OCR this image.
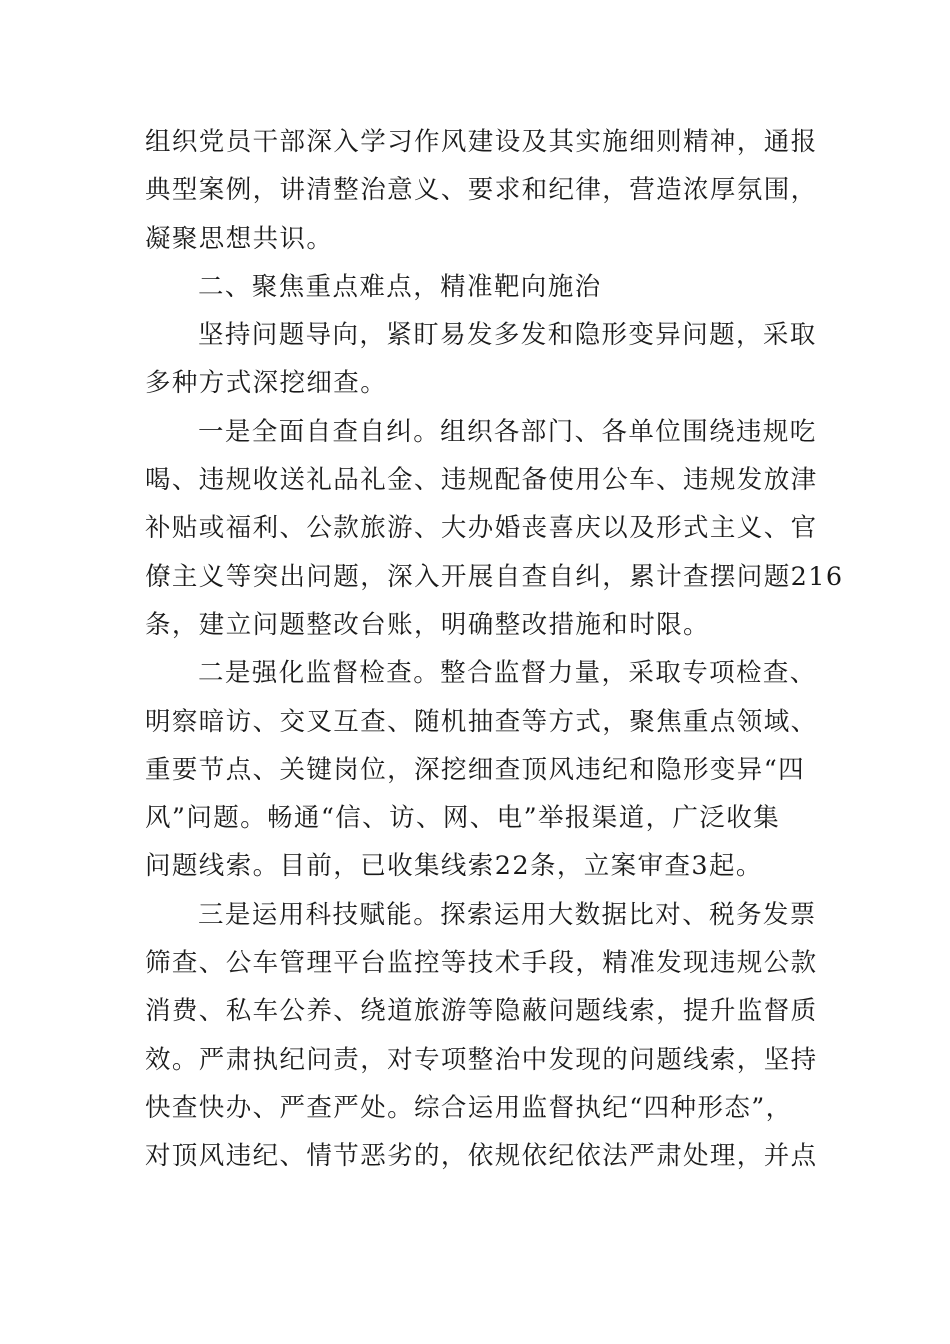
组织党员干部深入学习作风建设及其实施细则精神，通报
典型案例，讲清整治意义、要求和纪律，营造浓厚氛围，
凝聚思想共识。
二、聚焦重点难点，精准靶向施治
坚持问题导向，紧盯易发多发和隐形变异问题，采取
多种方式深挖细查。
一是全面自查自纠。组织各部门、各单位围绕违规吃
喝、违规收送礼品礼金、违规配备使用公车、违规发放津
补贴或福利、公款旅游、大办婚丧喜庆以及形式主义、官
僚主义等突出问题，深入开展自查自纠，累计查摆问题216
条，建立问题整改台账，明确整改措施和时限。
二是强化监督检查。整合监督力量，采取专项检查、
明察暗访、交叉互查、随机抽查等方式，聚焦重点领域、
重要节点、关键岗位，深挖细查顶风违纪和隐形变异“四
风”问题。畅通“信、访、网、电”举报渠道，广泛收集
问题线索。目前，已收集线索22条，立案审查3起。
三是运用科技赋能。探索运用大数据比对、税务发票
筛查、公车管理平台监控等技术手段，精准发现违规公款
消费、私车公养、绕道旅游等隐蔽问题线索，提升监督质
效。严肃执纪问责，对专项整治中发现的问题线索，坚持
快查快办、严查严处。综合运用监督执纪“四种形态”，
对顶风违纪、情节恶劣的，依规依纪依法严肃处理，并点
